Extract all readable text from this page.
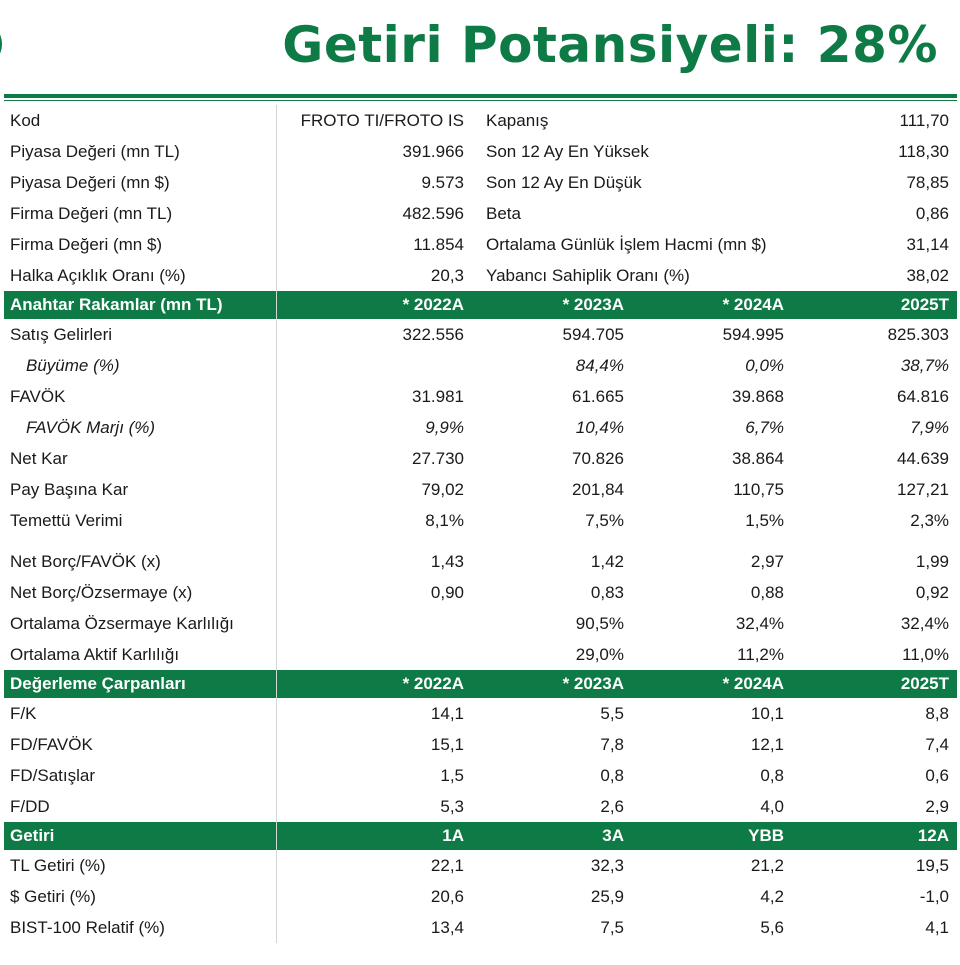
Getiri Potansiyeli: 28%
Kod	FROTO TI/FROTO IS	Kapanış		111,70
Piyasa Değeri (mn TL)	391.966	Son 12 Ay En Yüksek		118,30
Piyasa Değeri (mn $)	9.573	Son 12 Ay En Düşük		78,85
Firma Değeri (mn TL)	482.596	Beta		0,86
Firma Değeri (mn $)	11.854	Ortalama Günlük İşlem Hacmi (mn $)		31,14
Halka Açıklık Oranı (%)	20,3	Yabancı Sahiplik Oranı (%)		38,02
Anahtar Rakamlar (mn TL)	* 2022A	* 2023A	* 2024A	2025T
Satış Gelirleri	322.556	594.705	594.995	825.303
Büyüme (%)		84,4%	0,0%	38,7%
FAVÖK	31.981	61.665	39.868	64.816
FAVÖK Marjı (%)	9,9%	10,4%	6,7%	7,9%
Net Kar	27.730	70.826	38.864	44.639
Pay Başına Kar	79,02	201,84	110,75	127,21
Temettü Verimi	8,1%	7,5%	1,5%	2,3%

Net Borç/FAVÖK (x)	1,43	1,42	2,97	1,99
Net Borç/Özsermaye (x)	0,90	0,83	0,88	0,92
Ortalama Özsermaye Karlılığı		90,5%	32,4%	32,4%
Ortalama Aktif Karlılığı		29,0%	11,2%	11,0%
Değerleme Çarpanları	* 2022A	* 2023A	* 2024A	2025T
F/K	14,1	5,5	10,1	8,8
FD/FAVÖK	15,1	7,8	12,1	7,4
FD/Satışlar	1,5	0,8	0,8	0,6
F/DD	5,3	2,6	4,0	2,9
Getiri	1A	3A	YBB	12A
TL Getiri (%)	22,1	32,3	21,2	19,5
$ Getiri (%)	20,6	25,9	4,2	-1,0
BIST-100 Relatif (%)	13,4	7,5	5,6	4,1
